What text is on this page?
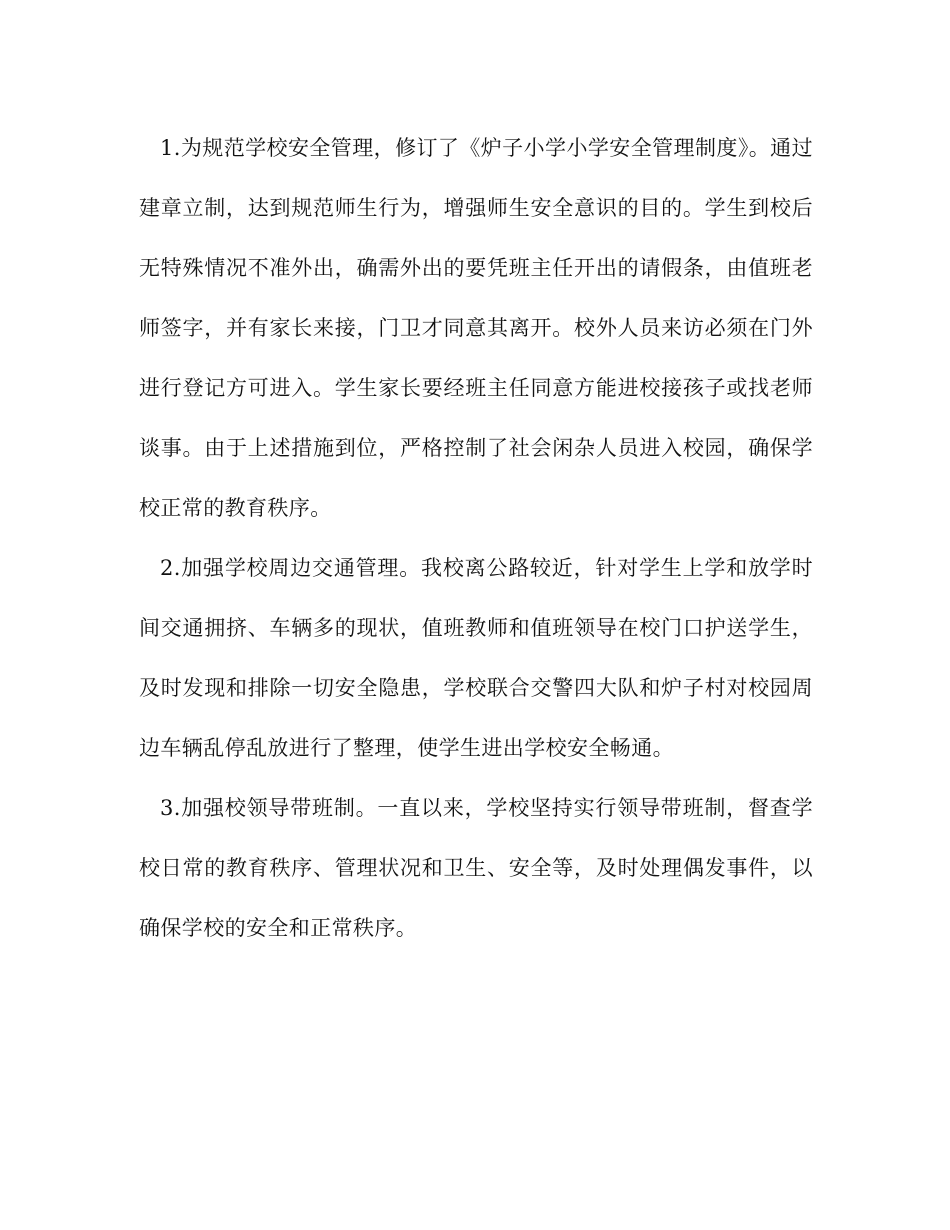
1.为规范学校安全管理，修订了《炉子小学小学安全管理制度》。通过建章立制，达到规范师生行为，增强师生安全意识的目的。学生到校后无特殊情况不准外出，确需外出的要凭班主任开出的请假条，由值班老师签字，并有家长来接，门卫才同意其离开。校外人员来访必须在门外进行登记方可进入。学生家长要经班主任同意方能进校接孩子或找老师谈事。由于上述措施到位，严格控制了社会闲杂人员进入校园，确保学校正常的教育秩序。

2.加强学校周边交通管理。我校离公路较近，针对学生上学和放学时间交通拥挤、车辆多的现状，值班教师和值班领导在校门口护送学生，及时发现和排除一切安全隐患，学校联合交警四大队和炉子村对校园周边车辆乱停乱放进行了整理，使学生进出学校安全畅通。

3.加强校领导带班制。一直以来，学校坚持实行领导带班制，督查学校日常的教育秩序、管理状况和卫生、安全等，及时处理偶发事件，以确保学校的安全和正常秩序。
